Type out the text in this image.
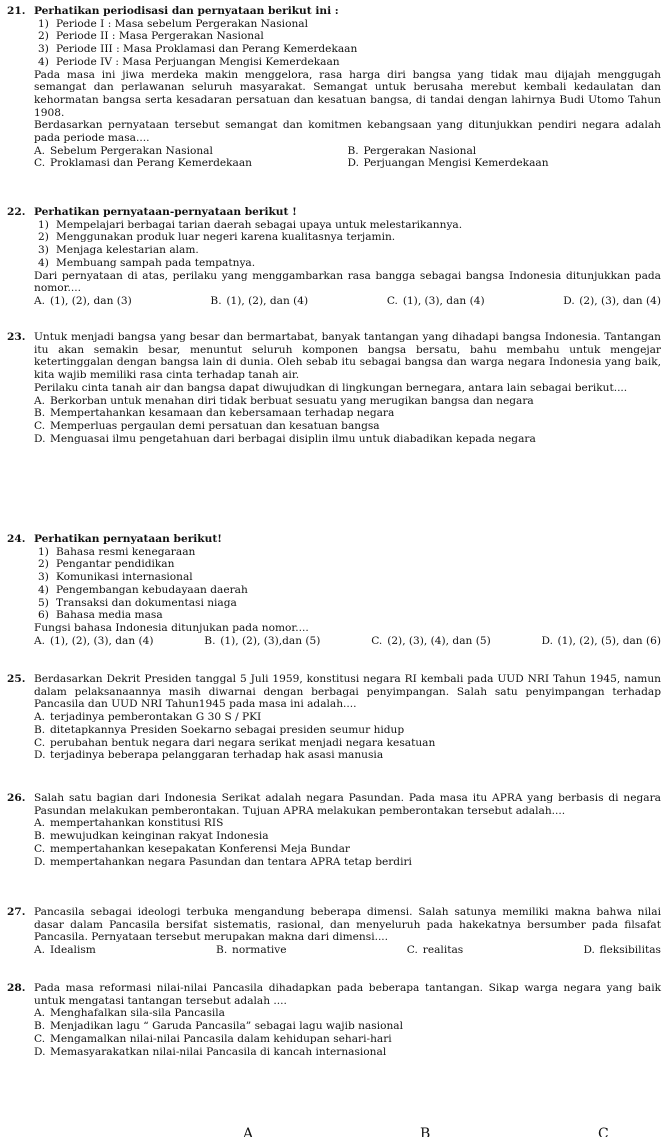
21. Perhatikan periodisasi dan pernyataan berikut ini :
1) Periode I : Masa sebelum Pergerakan Nasional
2) Periode II : Masa Pergerakan Nasional
3) Periode III : Masa Proklamasi dan Perang Kemerdekaan
4) Periode IV : Masa Perjuangan Mengisi Kemerdekaan
Pada masa ini jiwa merdeka makin menggelora, rasa harga diri bangsa yang tidak mau dijajah menggugah semangat dan perlawanan seluruh masyarakat. Semangat untuk berusaha merebut kembali kedaulatan dan kehormatan bangsa serta kesadaran persatuan dan kesatuan bangsa, di tandai dengan lahirnya Budi Utomo Tahun 1908.
Berdasarkan pernyataan tersebut semangat dan komitmen kebangsaan yang ditunjukkan pendiri negara adalah pada periode masa....
A. Sebelum Pergerakan Nasional	B. Pergerakan Nasional
C. Proklamasi dan Perang Kemerdekaan	D. Perjuangan Mengisi Kemerdekaan
22. Perhatikan pernyataan-pernyataan berikut !
1) Mempelajari berbagai tarian daerah sebagai upaya untuk melestarikannya.
2) Menggunakan produk luar negeri karena kualitasnya terjamin.
3) Menjaga kelestarian alam.
4) Membuang sampah pada tempatnya.
Dari pernyataan di atas, perilaku yang menggambarkan rasa bangga sebagai bangsa Indonesia ditunjukkan pada nomor....
A. (1), (2), dan (3)	B. (1), (2), dan (4)	C. (1), (3), dan (4)	D. (2), (3), dan (4)
23. Untuk menjadi bangsa yang besar dan bermartabat, banyak tantangan yang dihadapi bangsa Indonesia. Tantangan itu akan semakin besar, menuntut seluruh komponen bangsa bersatu, bahu membahu untuk mengejar ketertinggalan dengan bangsa lain di dunia. Oleh sebab itu sebagai bangsa dan warga negara Indonesia yang baik, kita wajib memiliki rasa cinta terhadap tanah air.
Perilaku cinta tanah air dan bangsa dapat diwujudkan di lingkungan bernegara, antara lain sebagai berikut....
A. Berkorban untuk menahan diri tidak berbuat sesuatu yang merugikan bangsa dan negara
B. Mempertahankan kesamaan dan kebersamaan terhadap negara
C. Memperluas pergaulan demi persatuan dan kesatuan bangsa
D. Menguasai ilmu pengetahuan dari berbagai disiplin ilmu untuk diabadikan kepada negara
24. Perhatikan pernyataan berikut!
1) Bahasa resmi kenegaraan
2) Pengantar pendidikan
3) Komunikasi internasional
4) Pengembangan kebudayaan daerah
5) Transaksi dan dokumentasi niaga
6) Bahasa media masa
Fungsi bahasa Indonesia ditunjukan pada nomor....
A. (1), (2), (3), dan (4)	B. (1), (2), (3),dan (5)	C. (2), (3), (4), dan (5)	D. (1), (2), (5), dan (6)
25. Berdasarkan Dekrit Presiden tanggal 5 Juli 1959, konstitusi negara RI kembali pada UUD NRI Tahun 1945, namun dalam pelaksanaannya masih diwarnai dengan berbagai penyimpangan. Salah satu penyimpangan terhadap Pancasila dan UUD NRI Tahun1945 pada masa ini adalah....
A. terjadinya pemberontakan G 30 S / PKI
B. ditetapkannya Presiden Soekarno sebagai presiden seumur hidup
C. perubahan bentuk negara dari negara serikat menjadi negara kesatuan
D. terjadinya beberapa pelanggaran terhadap hak asasi manusia
26. Salah satu bagian dari Indonesia Serikat adalah negara Pasundan. Pada masa itu APRA yang berbasis di negara Pasundan melakukan pemberontakan. Tujuan APRA melakukan pemberontakan tersebut adalah....
A. mempertahankan konstitusi RIS
B. mewujudkan keinginan rakyat Indonesia
C. mempertahankan kesepakatan Konferensi Meja Bundar
D. mempertahankan negara Pasundan dan tentara APRA tetap berdiri
27. Pancasila sebagai ideologi terbuka mengandung beberapa dimensi. Salah satunya memiliki makna bahwa nilai dasar dalam Pancasila bersifat sistematis, rasional, dan menyeluruh pada hakekatnya bersumber pada filsafat Pancasila. Pernyataan tersebut merupakan makna dari dimensi....
A. Idealism	B. normative	C. realitas	D. fleksibilitas
28. Pada masa reformasi nilai-nilai Pancasila dihadapkan pada beberapa tantangan. Sikap warga negara yang baik untuk mengatasi tantangan tersebut adalah ....
A. Menghafalkan sila-sila Pancasila
B. Menjadikan lagu “ Garuda Pancasila” sebagai lagu wajib nasional
C. Mengamalkan nilai-nilai Pancasila dalam kehidupan sehari-hari
D. Memasyarakatkan nilai-nilai Pancasila di kancah internasional
A	B	C
